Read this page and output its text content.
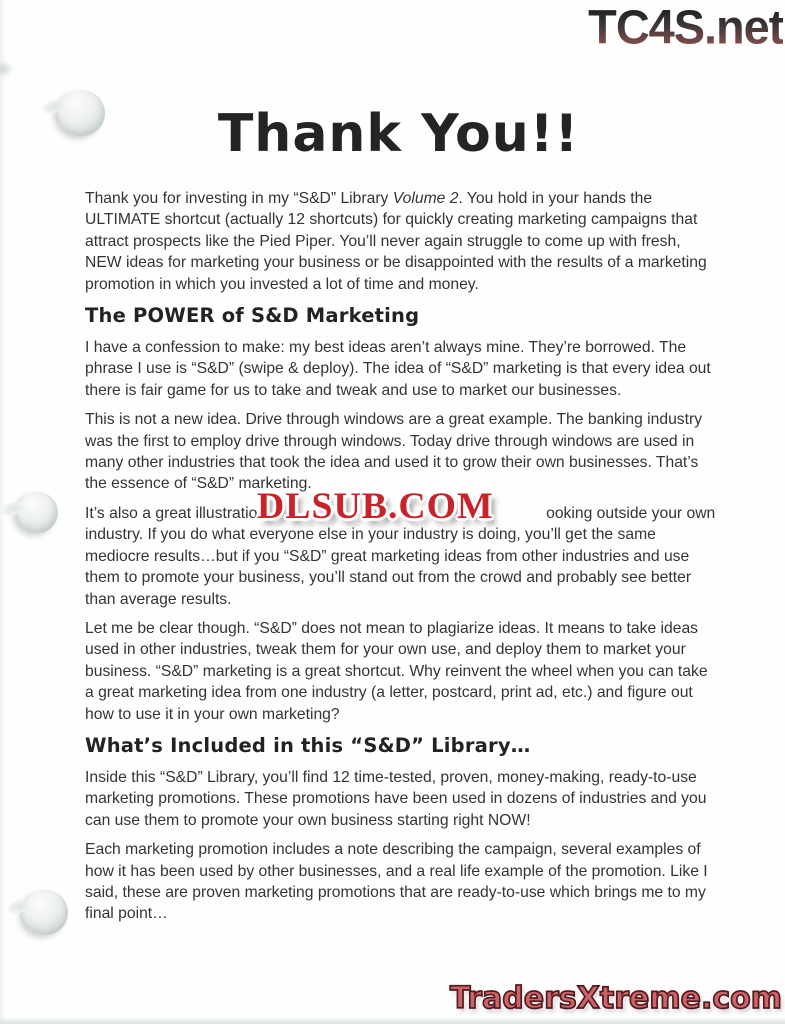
TC4S.net
Thank You!!

Thank you for investing in my “S&D” Library Volume 2. You hold in your hands the ULTIMATE shortcut (actually 12 shortcuts) for quickly creating marketing campaigns that attract prospects like the Pied Piper. You’ll never again struggle to come up with fresh, NEW ideas for marketing your business or be disappointed with the results of a marketing promotion in which you invested a lot of time and money.

The POWER of S&D Marketing

I have a confession to make: my best ideas aren’t always mine. They’re borrowed. The phrase I use is “S&D” (swipe & deploy). The idea of “S&D” marketing is that every idea out there is fair game for us to take and tweak and use to market our businesses.

This is not a new idea. Drive through windows are a great example. The banking industry was the first to employ drive through windows. Today drive through windows are used in many other industries that took the idea and used it to grow their own businesses. That’s the essence of “S&D” marketing.

It’s also a great illustration	ooking outside your own
industry. If you do what everyone else in your industry is doing, you’ll get the same mediocre results…but if you “S&D” great marketing ideas from other industries and use them to promote your business, you’ll stand out from the crowd and probably see better than average results.

Let me be clear though. “S&D” does not mean to plagiarize ideas. It means to take ideas used in other industries, tweak them for your own use, and deploy them to market your business. “S&D” marketing is a great shortcut. Why reinvent the wheel when you can take a great marketing idea from one industry (a letter, postcard, print ad, etc.) and figure out how to use it in your own marketing?

What’s Included in this “S&D” Library…

Inside this “S&D” Library, you’ll find 12 time-tested, proven, money-making, ready-to-use marketing promotions. These promotions have been used in dozens of industries and you can use them to promote your own business starting right NOW!

Each marketing promotion includes a note describing the campaign, several examples of how it has been used by other businesses, and a real life example of the promotion. Like I said, these are proven marketing promotions that are ready-to-use which brings me to my final point…

DLSUB.COM
TradersXtreme.com
